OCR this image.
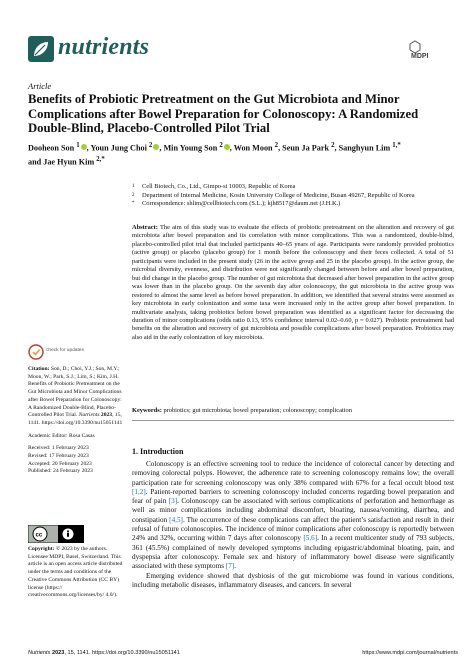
nutrients	MDPI
Article
Benefits of Probiotic Pretreatment on the Gut Microbiota and Minor Complications after Bowel Preparation for Colonoscopy: A Randomized Double-Blind, Placebo-Controlled Pilot Trial
Dooheon Son $^1$ , Youn Jung Choi $^2$ , Min Young Son $^2$ , Won Moon $^2$, Seun Ja Park $^2$, Sanghyun Lim $^{1,*}$
and Jae Hyun Kim $^{2,*}$
1	Cell Biotech, Co., Ltd., Gimpo-si 10003, Republic of Korea
2	Department of Internal Medicine, Kosin University College of Medicine, Busan 49267, Republic of Korea
*	Correspondence: shlim@cellbiotech.com (S.L.); kjh8517@daum.net (J.H.K.)
Abstract: The aim of this study was to evaluate the effects of probiotic pretreatment on the alteration and recovery of gut microbiota after bowel preparation and its correlation with minor complications. This was a randomized, double-blind, placebo-controlled pilot trial that included participants 40–65 years of age. Participants were randomly provided probiotics (active group) or placebo (placebo group) for 1 month before the colonoscopy and their feces collected. A total of 51 participants were included in the present study (26 in the active group and 25 in the placebo group). In the active group, the microbial diversity, evenness, and distribution were not significantly changed between before and after bowel preparation, but did change in the placebo group. The number of gut microbiota that decreased after bowel preparation in the active group was lower than in the placebo group. On the seventh day after colonoscopy, the gut microbiota in the active group was restored to almost the same level as before bowel preparation. In addition, we identified that several strains were assumed as key microbiota in early colonization and some taxa were increased only in the active group after bowel preparation. In multivariate analysis, taking probiotics before bowel preparation was identified as a significant factor for decreasing the duration of minor complications (odds ratio 0.13, 95% confidence interval 0.02–0.60, p = 0.027). Probiotic pretreatment had benefits on the alteration and recovery of gut microbiota and possible complications after bowel preparation. Probiotics may also aid in the early colonization of key microbiota.
Keywords: probiotics; gut microbiota; bowel preparation; colonoscopy; complication
check for updates
Citation: Son, D.; Choi, Y.J.; Son, M.Y.; Moon, W.; Park, S.J.; Lim, S.; Kim, J.H. Benefits of Probiotic Pretreatment on the Gut Microbiota and Minor Complications after Bowel Preparation for Colonoscopy: A Randomized Double-Blind, Placebo-Controlled Pilot Trial. Nutrients 2023, 15, 1141. https://doi.org/10.3390/nu15051141
Academic Editor: Rosa Casas
Received: 1 February 2023
Revised: 17 February 2023
Accepted: 20 February 2023
Published: 24 February 2023
cc
Copyright: © 2023 by the authors. Licensee MDPI, Basel, Switzerland. This article is an open access article distributed under the terms and conditions of the Creative Commons Attribution (CC BY) license (https:// creativecommons.org/licenses/by/ 4.0/).
1. Introduction

Colonoscopy is an effective screening tool to reduce the incidence of colorectal cancer by detecting and removing colorectal polyps. However, the adherence rate to screening colonoscopy remains low; the overall participation rate for screening colonoscopy was only 38% compared with 67% for a fecal occult blood test [1,2]. Patient-reported barriers to screening colonoscopy included concerns regarding bowel preparation and fear of pain [3]. Colonoscopy can be associated with serious complications of perforation and hemorrhage as well as minor complications including abdominal discomfort, bloating, nausea/vomiting, diarrhea, and constipation [4,5]. The occurrence of these complications can affect the patient’s satisfaction and result in their refusal of future colonoscopies. The incidence of minor complications after colonoscopy is reportedly between 24% and 32%, occurring within 7 days after colonoscopy [5,6]. In a recent multicenter study of 793 subjects, 361 (45.5%) complained of newly developed symptoms including epigastric/abdominal bloating, pain, and dyspepsia after colonoscopy. Female sex and history of inflammatory bowel disease were significantly associated with these symptoms [7].

Emerging evidence showed that dysbiosis of the gut microbiome was found in various conditions, including metabolic diseases, inflammatory diseases, and cancers. In several

Nutrients 2023, 15, 1141. https://doi.org/10.3390/nu15051141	https://www.mdpi.com/journal/nutrients
